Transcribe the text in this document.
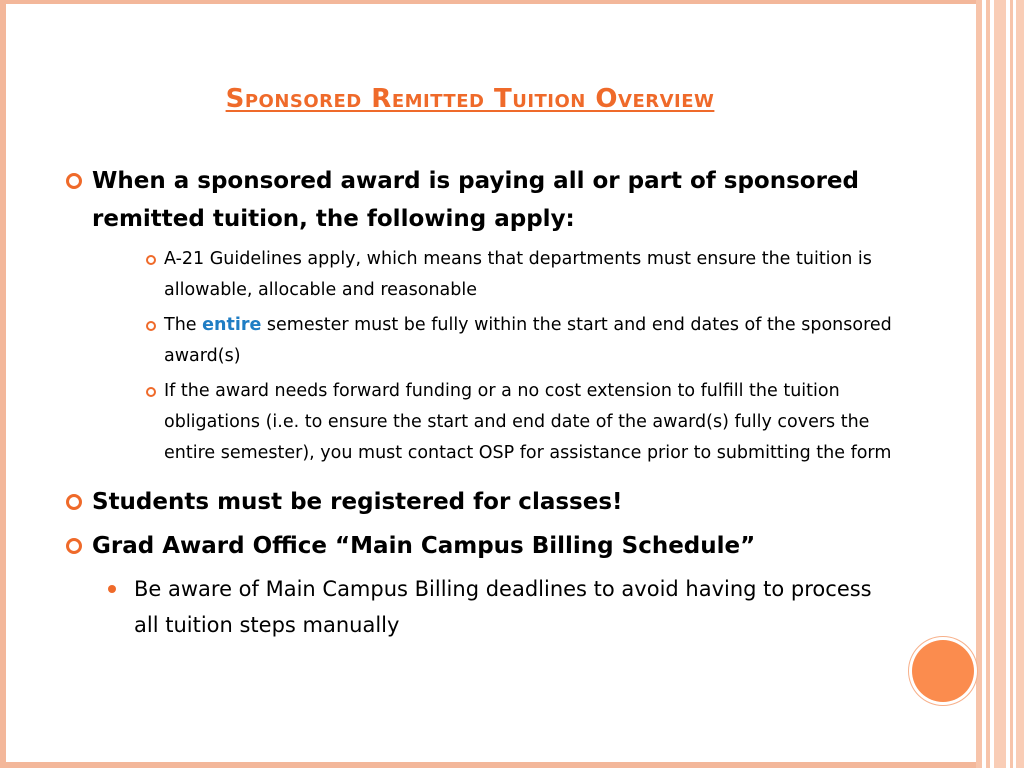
Sponsored Remitted Tuition Overview
When a sponsored award is paying all or part of sponsored remitted tuition, the following apply:
A-21 Guidelines apply, which means that departments must ensure the tuition is allowable, allocable and reasonable
The entire semester must be fully within the start and end dates of the sponsored award(s)
If the award needs forward funding or a no cost extension to fulfill the tuition obligations (i.e. to ensure the start and end date of the award(s) fully covers the entire semester), you must contact OSP for assistance prior to submitting the form
Students must be registered for classes!
Grad Award Office “Main Campus Billing Schedule”
Be aware of Main Campus Billing deadlines to avoid having to process all tuition steps manually
